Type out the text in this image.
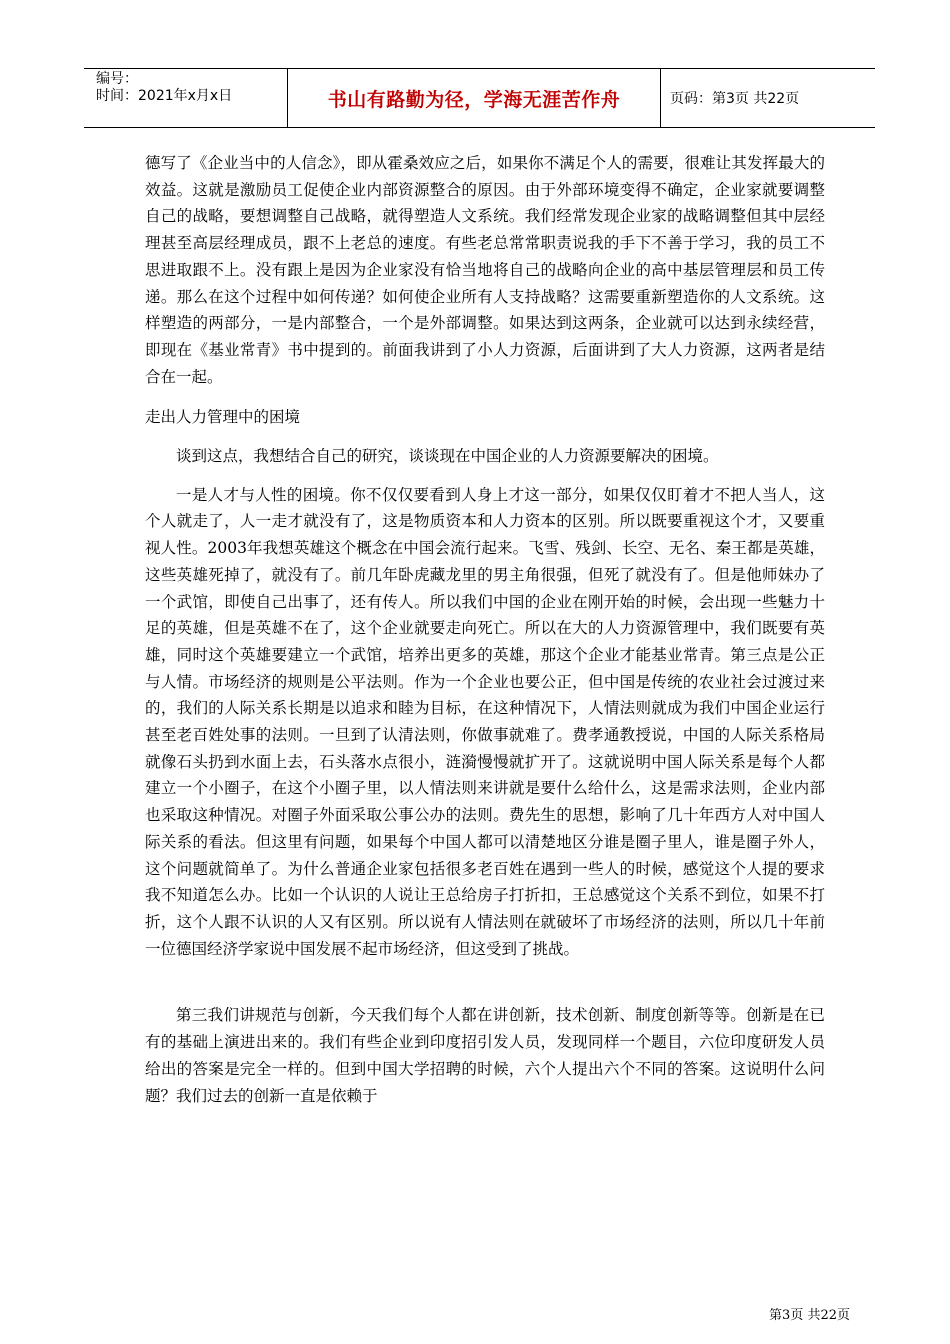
编号：
时间：2021年x月x日	书山有路勤为径，学海无涯苦作舟	页码：第3页 共22页

德写了《企业当中的人信念》，即从霍桑效应之后，如果你不满足个人的需要，很难让其发挥最大的效益。这就是激励员工促使企业内部资源整合的原因。由于外部环境变得不确定，企业家就要调整自己的战略，要想调整自己战略，就得塑造人文系统。我们经常发现企业家的战略调整但其中层经理甚至高层经理成员，跟不上老总的速度。有些老总常常职责说我的手下不善于学习，我的员工不思进取跟不上。没有跟上是因为企业家没有恰当地将自己的战略向企业的高中基层管理层和员工传递。那么在这个过程中如何传递？如何使企业所有人支持战略？这需要重新塑造你的人文系统。这样塑造的两部分，一是内部整合，一个是外部调整。如果达到这两条，企业就可以达到永续经营，即现在《基业常青》书中提到的。前面我讲到了小人力资源，后面讲到了大人力资源，这两者是结合在一起。

走出人力管理中的困境

谈到这点，我想结合自己的研究，谈谈现在中国企业的人力资源要解决的困境。

一是人才与人性的困境。你不仅仅要看到人身上才这一部分，如果仅仅盯着才不把人当人，这个人就走了，人一走才就没有了，这是物质资本和人力资本的区别。所以既要重视这个才，又要重视人性。2003年我想英雄这个概念在中国会流行起来。飞雪、残剑、长空、无名、秦王都是英雄，这些英雄死掉了，就没有了。前几年卧虎藏龙里的男主角很强，但死了就没有了。但是他师妹办了一个武馆，即使自己出事了，还有传人。所以我们中国的企业在刚开始的时候，会出现一些魅力十足的英雄，但是英雄不在了，这个企业就要走向死亡。所以在大的人力资源管理中，我们既要有英雄，同时这个英雄要建立一个武馆，培养出更多的英雄，那这个企业才能基业常青。第三点是公正与人情。市场经济的规则是公平法则。作为一个企业也要公正，但中国是传统的农业社会过渡过来的，我们的人际关系长期是以追求和睦为目标，在这种情况下，人情法则就成为我们中国企业运行甚至老百姓处事的法则。一旦到了认清法则，你做事就难了。费孝通教授说，中国的人际关系格局就像石头扔到水面上去，石头落水点很小，涟漪慢慢就扩开了。这就说明中国人际关系是每个人都建立一个小圈子，在这个小圈子里，以人情法则来讲就是要什么给什么，这是需求法则，企业内部也采取这种情况。对圈子外面采取公事公办的法则。费先生的思想，影响了几十年西方人对中国人际关系的看法。但这里有问题，如果每个中国人都可以清楚地区分谁是圈子里人，谁是圈子外人，这个问题就简单了。为什么普通企业家包括很多老百姓在遇到一些人的时候，感觉这个人提的要求我不知道怎么办。比如一个认识的人说让王总给房子打折扣，王总感觉这个关系不到位，如果不打折，这个人跟不认识的人又有区别。所以说有人情法则在就破坏了市场经济的法则，所以几十年前一位德国经济学家说中国发展不起市场经济，但这受到了挑战。

第三我们讲规范与创新，今天我们每个人都在讲创新，技术创新、制度创新等等。创新是在已有的基础上演进出来的。我们有些企业到印度招引发人员，发现同样一个题目，六位印度研发人员给出的答案是完全一样的。但到中国大学招聘的时候，六个人提出六个不同的答案。这说明什么问题？我们过去的创新一直是依赖于

第3页 共22页
